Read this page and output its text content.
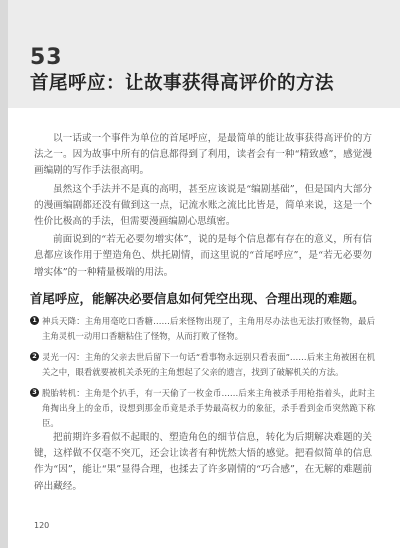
53
首尾呼应：让故事获得高评价的方法

以一话或一个事件为单位的首尾呼应，是最简单的能让故事获得高评价的方法之一。因为故事中所有的信息都得到了利用，读者会有一种“精致感”，感觉漫画编剧的写作手法很高明。

虽然这个手法并不是真的高明，甚至应该说是“编剧基础”，但是国内大部分的漫画编剧都还没有做到这一点，记流水账之流比比皆是，简单来说，这是一个性价比极高的手法，但需要漫画编剧心思缜密。

前面说到的“若无必要勿增实体”，说的是每个信息都有存在的意义，所有信息都应该作用于塑造角色、烘托剧情，而这里说的“首尾呼应”，是“若无必要勿增实体”的一种精量极端的用法。

首尾呼应，能解决必要信息如何凭空出现、合理出现的难题。
1 神兵天降：主角用毫吃口香糖……后来怪物出现了，主角用尽办法也无法打败怪物，最后主角灵机一动用口香糖粘住了怪物，从而打败了怪物。
2 灵光一闪：主角的父亲去世后留下一句话“看事物永远别只看表面”……后来主角被困在机关之中，眼看就要被机关杀死的主角想起了父亲的遗言，找到了破解机关的方法。
3 脱胎转机：主角是个扒手，有一天偷了一枚金币……后来主角被杀手用枪指着头，此时主角掏出身上的金币，设想到那金币竟是杀手势最高权力的象征，杀手看到金币突然跪下称臣。

把前期许多看似不起眼的、塑造角色的细节信息，转化为后期解决难题的关键，这样做不仅毫不突兀，还会让读者有种恍然大悟的感觉。把看似简单的信息作为“因”，能让“果”显得合理，也揉去了许多剧情的“巧合感”，在无解的难题前碎出藏经。

120
